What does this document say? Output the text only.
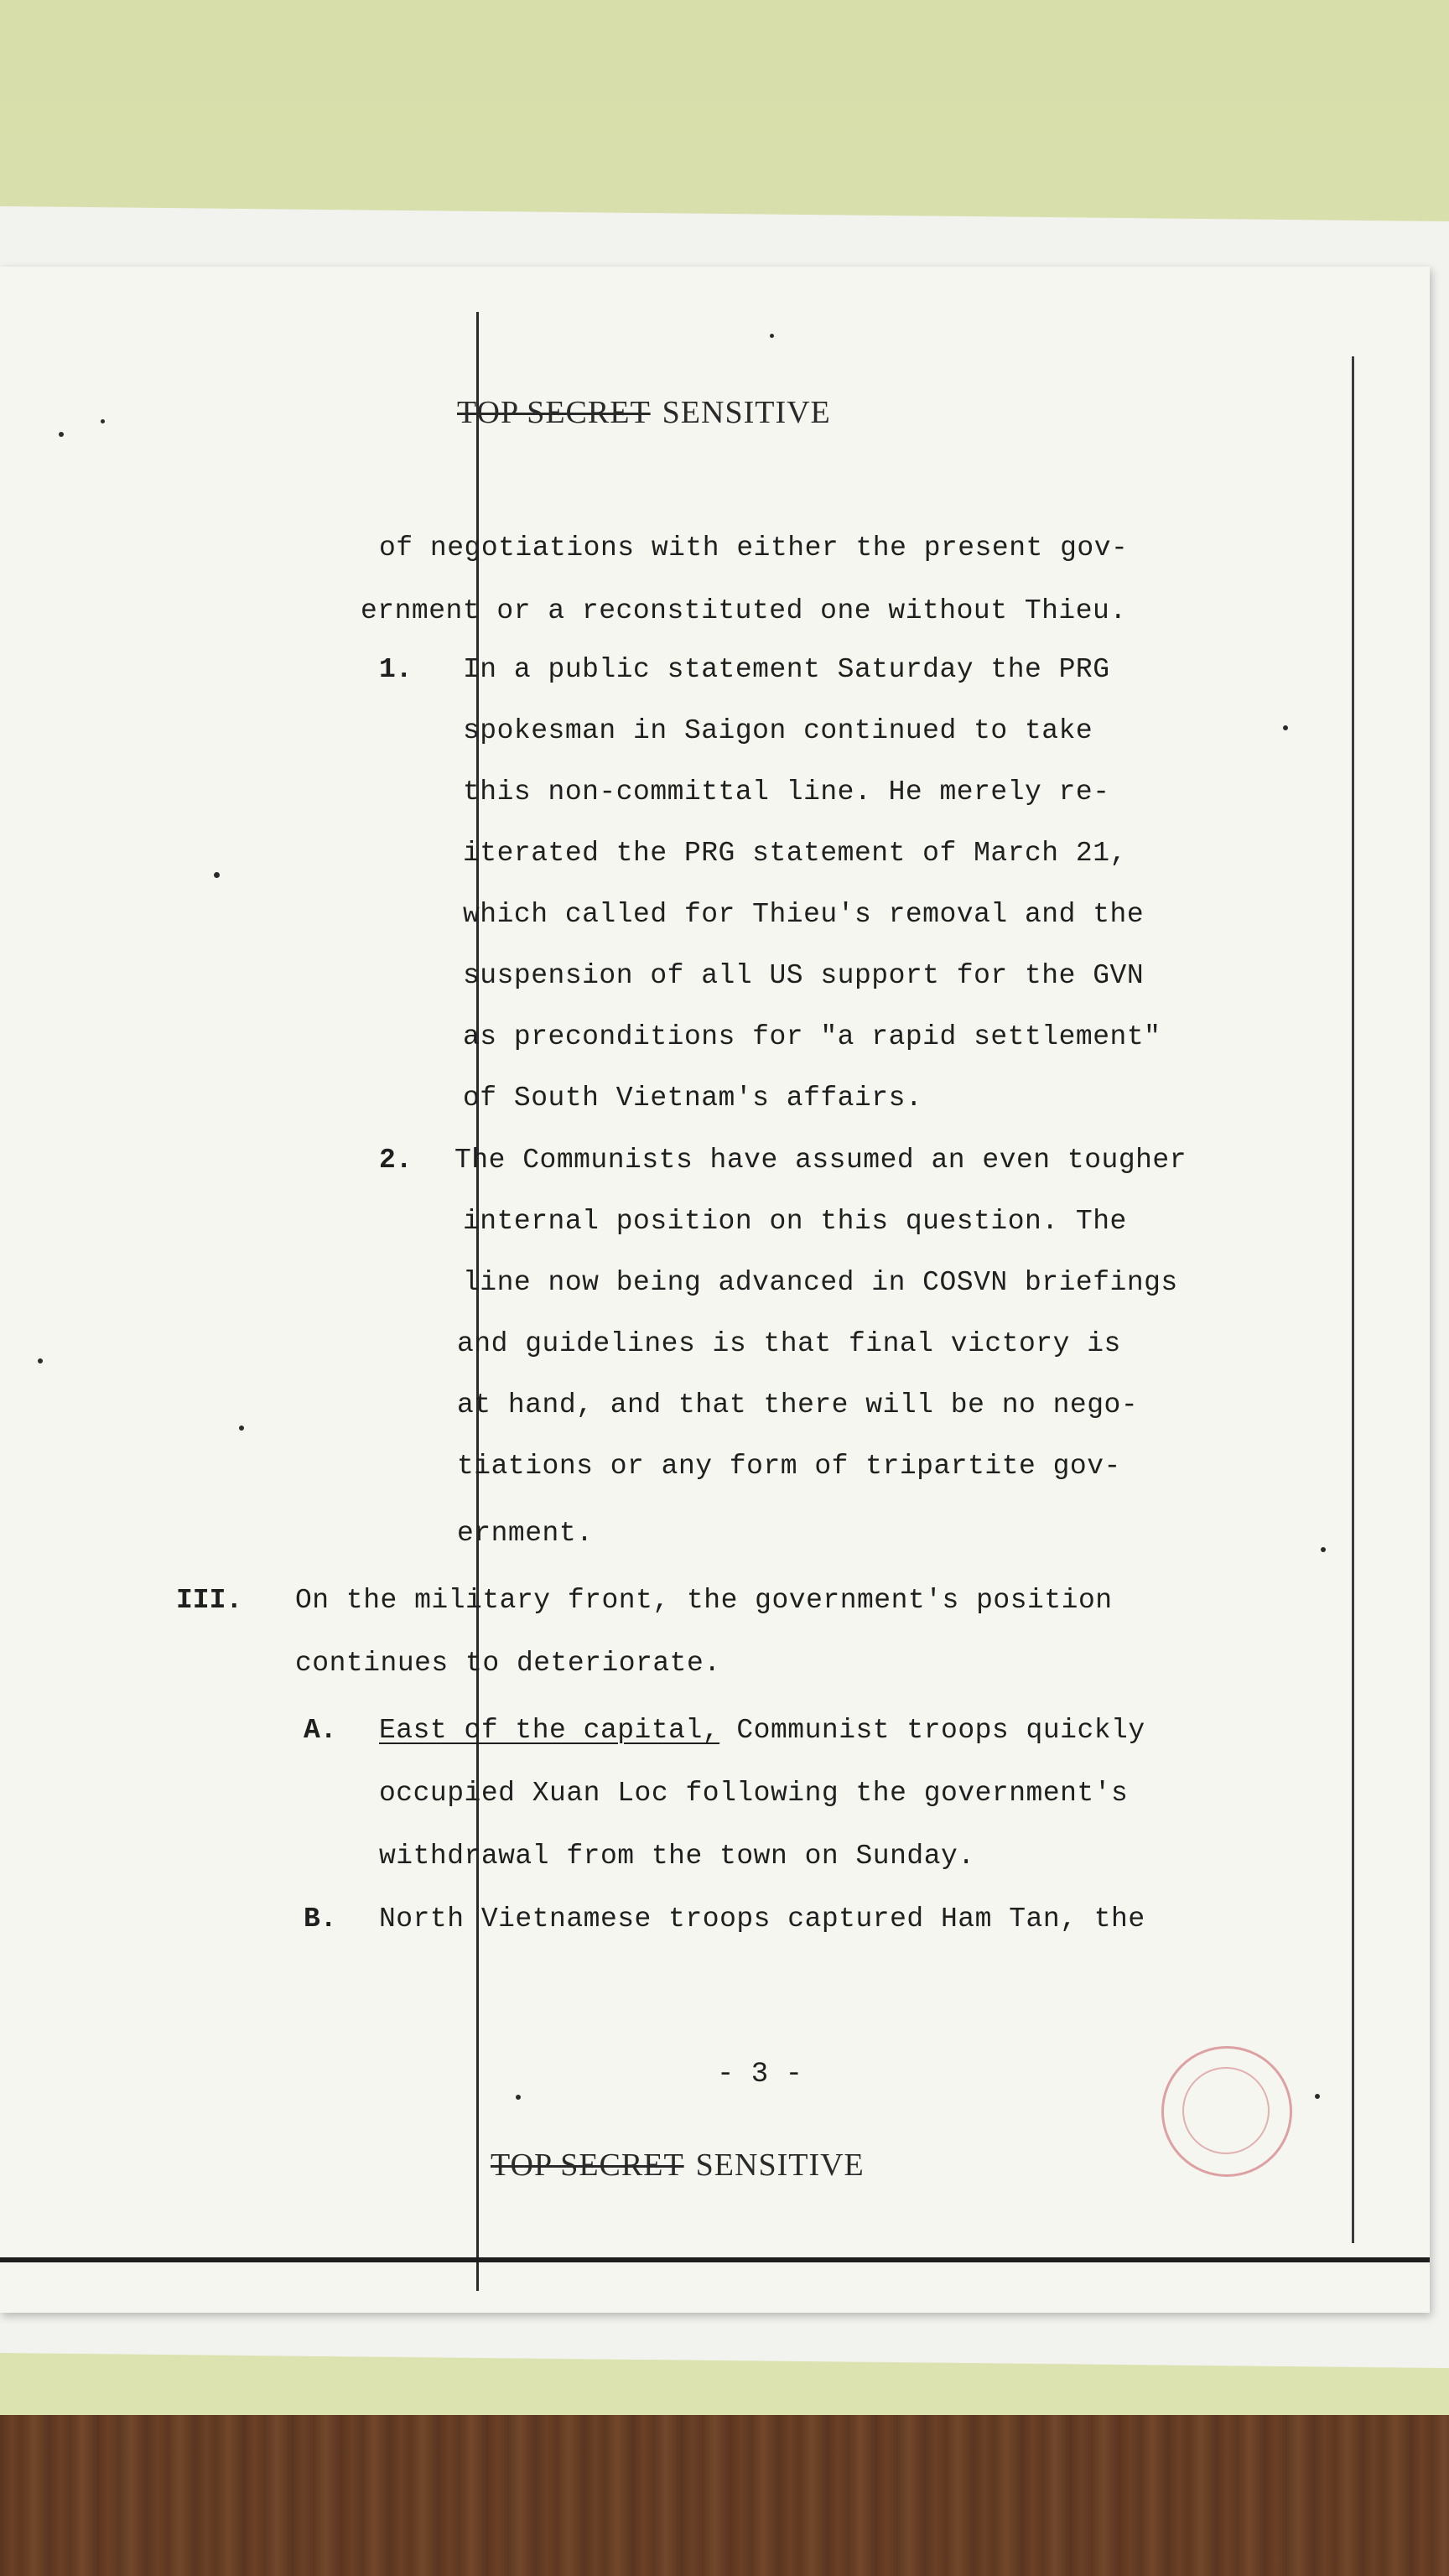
TOP SECRET SENSITIVE
1.
2.
III.
A.
B.
of negotiations with either the present gov-
ernment or a reconstituted one without Thieu.
In a public statement Saturday the PRG
spokesman in Saigon continued to take
this non-committal line. He merely re-
iterated the PRG statement of March 21,
which called for Thieu's removal and the
suspension of all US support for the GVN
as preconditions for "a rapid settlement"
of South Vietnam's affairs.
The Communists have assumed an even tougher
internal position on this question. The
line now being advanced in COSVN briefings
and guidelines is that final victory is
at hand, and that there will be no nego-
tiations or any form of tripartite gov-
ernment.
On the military front, the government's position
continues to deteriorate.
East of the capital, Communist troops quickly
occupied Xuan Loc following the government's
withdrawal from the town on Sunday.
North Vietnamese troops captured Ham Tan, the
- 3 -
TOP SECRET SENSITIVE
